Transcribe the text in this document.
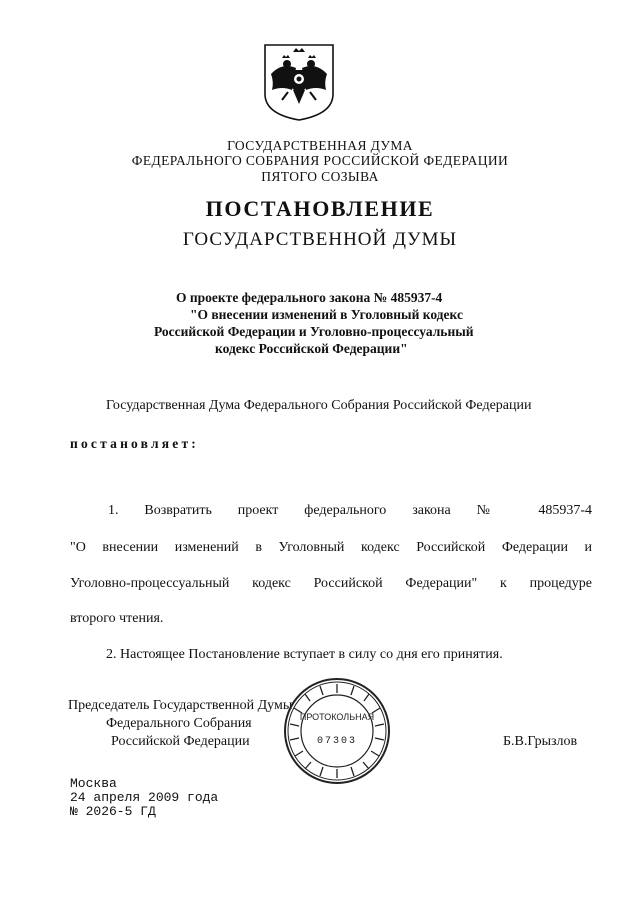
ГОСУДАРСТВЕННАЯ ДУМА
ФЕДЕРАЛЬНОГО СОБРАНИЯ РОССИЙСКОЙ ФЕДЕРАЦИИ
ПЯТОГО СОЗЫВА
ПОСТАНОВЛЕНИЕ
ГОСУДАРСТВЕННОЙ ДУМЫ
О проекте федерального закона № 485937-4
"О внесении изменений в Уголовный кодекс
Российской Федерации и Уголовно-процессуальный
кодекс Российской Федерации"
Государственная Дума Федерального Собрания Российской Федерации
постановляет:
1. Возвратить проект федерального закона № 485937-4
"О внесении изменений в Уголовный кодекс Российской Федерации и
Уголовно-процессуальный кодекс Российской Федерации" к процедуре
второго чтения.
2. Настоящее Постановление вступает в силу со дня его принятия.
Председатель Государственной Думы
Федерального Собрания
Российской Федерации	Б.В.Грызлов
ПРОТОКОЛЬНАЯ
07303
Москва
24 апреля 2009 года
№ 2026-5 ГД
